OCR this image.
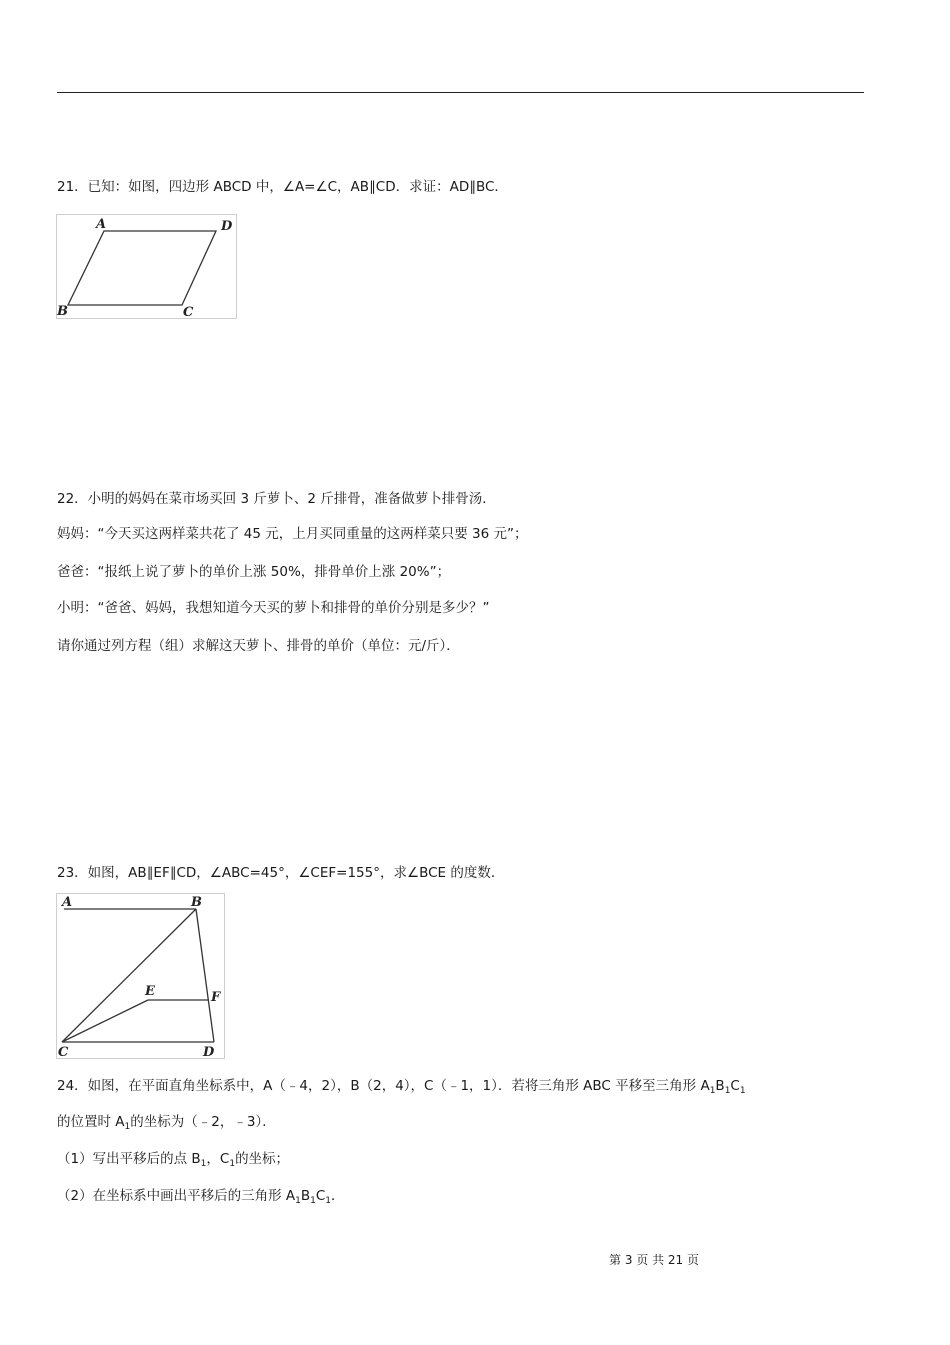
21．已知：如图，四边形 ABCD 中，∠A=∠C，AB∥CD．求证：AD∥BC．
A	D
B	C
22．小明的妈妈在菜市场买回 3 斤萝卜、2 斤排骨，准备做萝卜排骨汤．
妈妈：“今天买这两样菜共花了 45 元，上月买同重量的这两样菜只要 36 元”；
爸爸：“报纸上说了萝卜的单价上涨 50%，排骨单价上涨 20%”；
小明：“爸爸、妈妈，我想知道今天买的萝卜和排骨的单价分别是多少？”
请你通过列方程（组）求解这天萝卜、排骨的单价（单位：元/斤）．
23．如图，AB∥EF∥CD，∠ABC=45°，∠CEF=155°，求∠BCE 的度数．
A	B
E	F
C	D
24．如图，在平面直角坐标系中，A（﹣4，2），B（2，4），C（﹣1，1）．若将三角形 ABC 平移至三角形 $A_1B_1C_1$
的位置时 $A_1$的坐标为（﹣2，﹣3）．
（1）写出平移后的点 $B_1$，$C_1$的坐标；
（2）在坐标系中画出平移后的三角形 $A_1B_1C_1$．
第 3 页 共 21 页
